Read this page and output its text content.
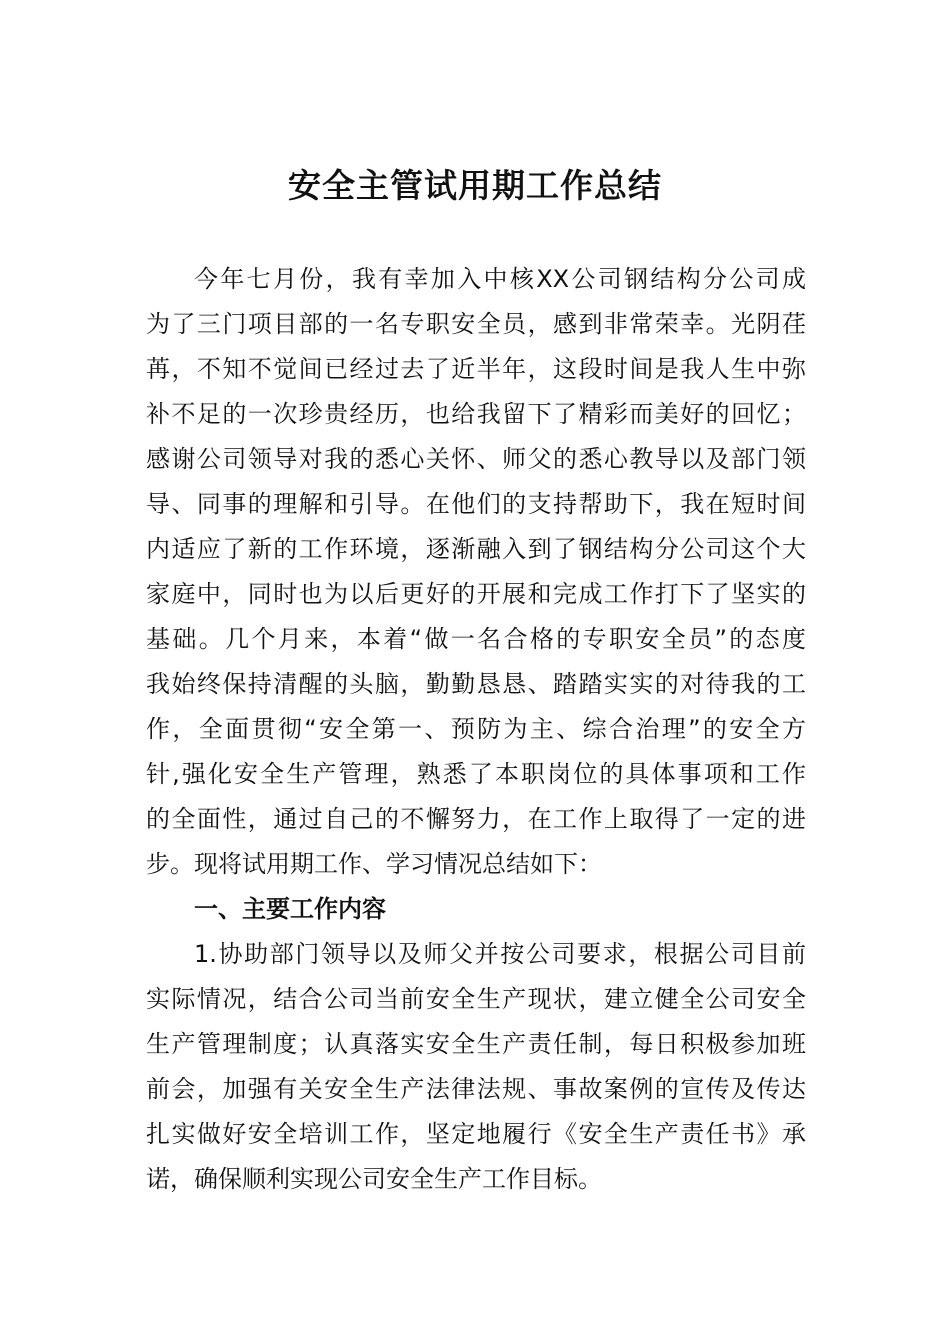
安全主管试用期工作总结
今年七月份，我有幸加入中核XX公司钢结构分公司成
为了三门项目部的一名专职安全员，感到非常荣幸。光阴荏
苒，不知不觉间已经过去了近半年，这段时间是我人生中弥
补不足的一次珍贵经历，也给我留下了精彩而美好的回忆；
感谢公司领导对我的悉心关怀、师父的悉心教导以及部门领
导、同事的理解和引导。在他们的支持帮助下，我在短时间
内适应了新的工作环境，逐渐融入到了钢结构分公司这个大
家庭中，同时也为以后更好的开展和完成工作打下了坚实的
基础。几个月来，本着“做一名合格的专职安全员”的态度
我始终保持清醒的头脑，勤勤恳恳、踏踏实实的对待我的工
作，全面贯彻“安全第一、预防为主、综合治理”的安全方
针,强化安全生产管理，熟悉了本职岗位的具体事项和工作
的全面性，通过自己的不懈努力，在工作上取得了一定的进
步。现将试用期工作、学习情况总结如下：
一、主要工作内容
1.协助部门领导以及师父并按公司要求，根据公司目前
实际情况，结合公司当前安全生产现状，建立健全公司安全
生产管理制度；认真落实安全生产责任制，每日积极参加班
前会，加强有关安全生产法律法规、事故案例的宣传及传达
扎实做好安全培训工作，坚定地履行《安全生产责任书》承
诺，确保顺利实现公司安全生产工作目标。
